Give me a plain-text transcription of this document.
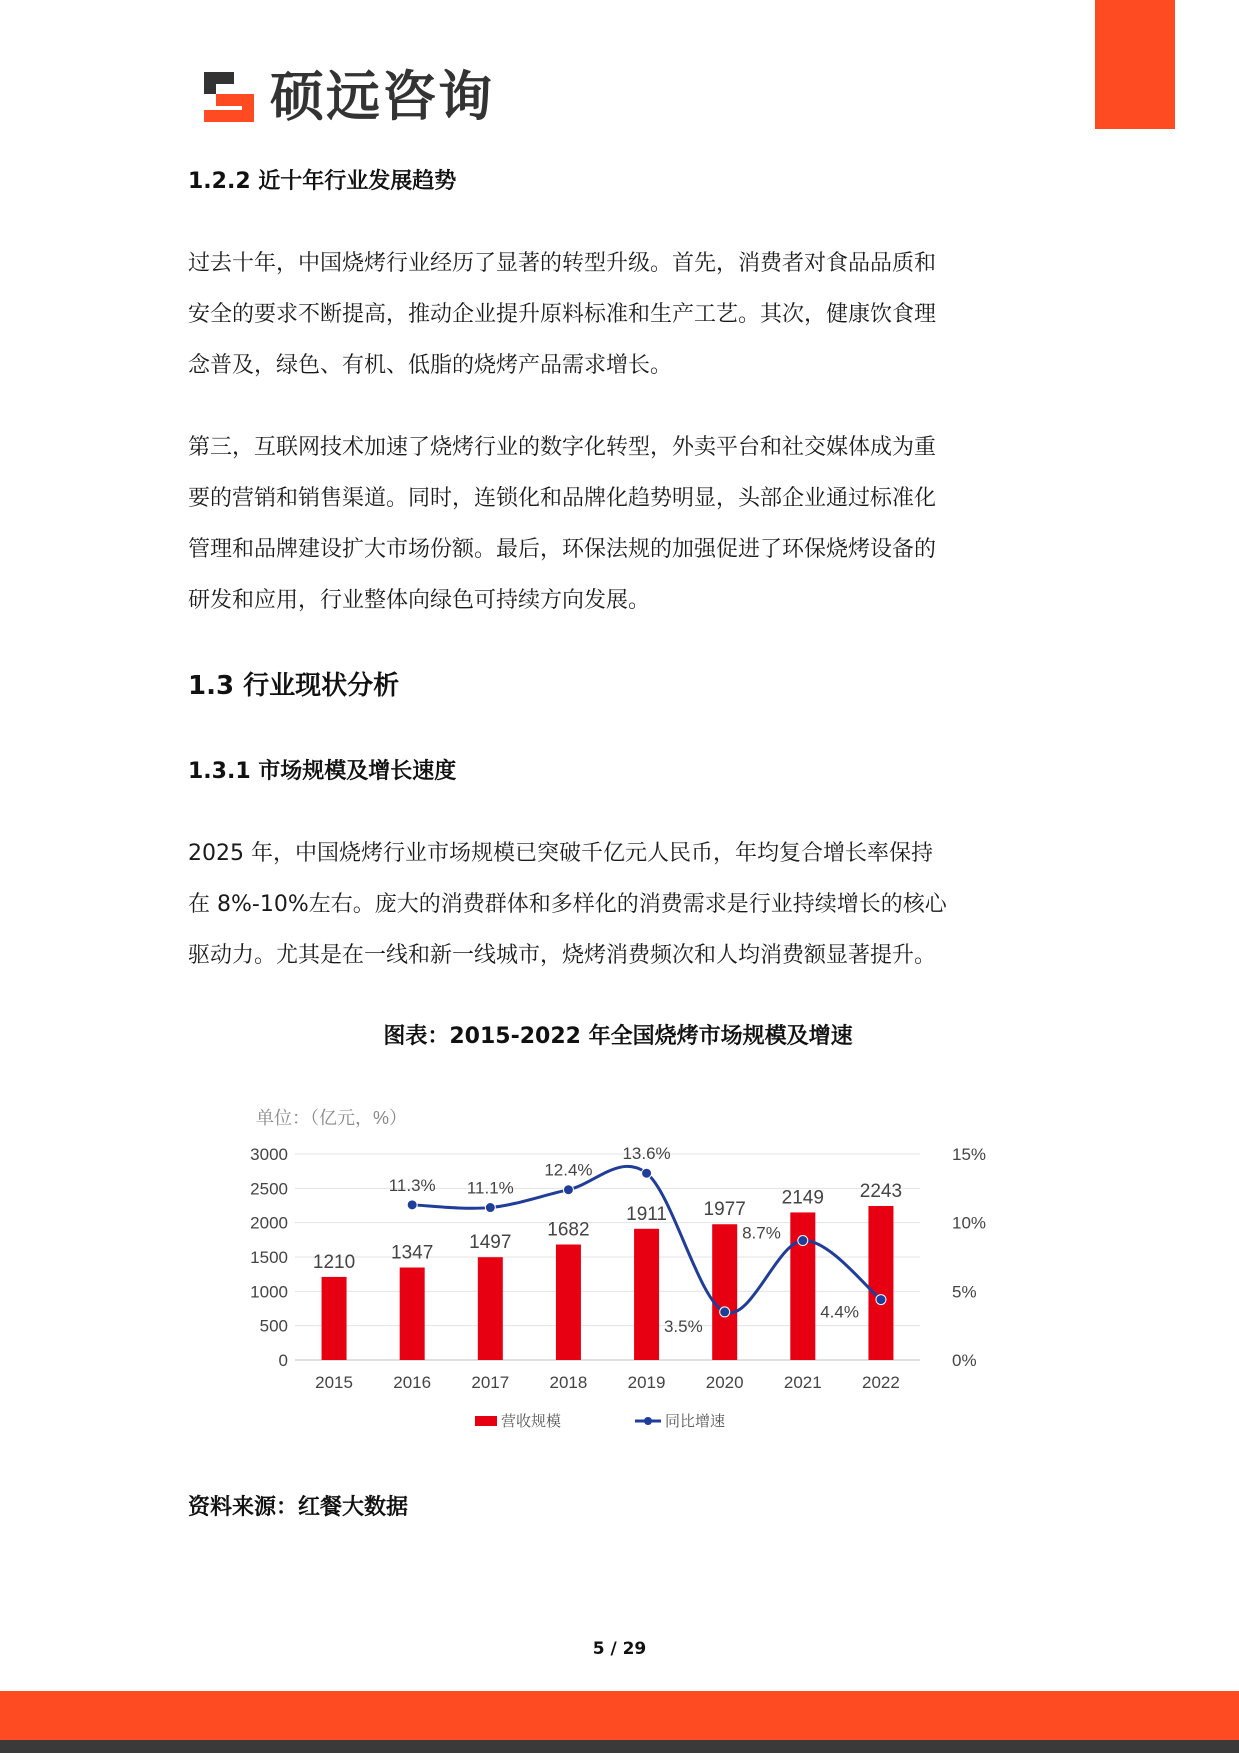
硕远咨询
1.2.2 近十年行业发展趋势
过去十年，中国烧烤行业经历了显著的转型升级。首先，消费者对食品品质和
安全的要求不断提高，推动企业提升原料标准和生产工艺。其次，健康饮食理
念普及，绿色、有机、低脂的烧烤产品需求增长。
第三，互联网技术加速了烧烤行业的数字化转型，外卖平台和社交媒体成为重
要的营销和销售渠道。同时，连锁化和品牌化趋势明显，头部企业通过标准化
管理和品牌建设扩大市场份额。最后，环保法规的加强促进了环保烧烤设备的
研发和应用，行业整体向绿色可持续方向发展。
1.3 行业现状分析
1.3.1 市场规模及增长速度
2025 年，中国烧烤行业市场规模已突破千亿元人民币，年均复合增长率保持
在 8%-10%左右。庞大的消费群体和多样化的消费需求是行业持续增长的核心
驱动力。尤其是在一线和新一线城市，烧烤消费频次和人均消费额显著提升。
图表：2015-2022 年全国烧烤市场规模及增速
单位：（亿元，%）
0
500
1000
1500
2000
2500
3000
0%
5%
10%
15%
1210 1347 1497
1682
1911 1977
2149 2243
2015 2016 2017 2018 2019 2020 2021 2022
11.3% 11.1%
12.4%
13.6%
3.5%
8.7%
4.4%
营收规模	同比增速
资料来源：红餐大数据
5 / 29
